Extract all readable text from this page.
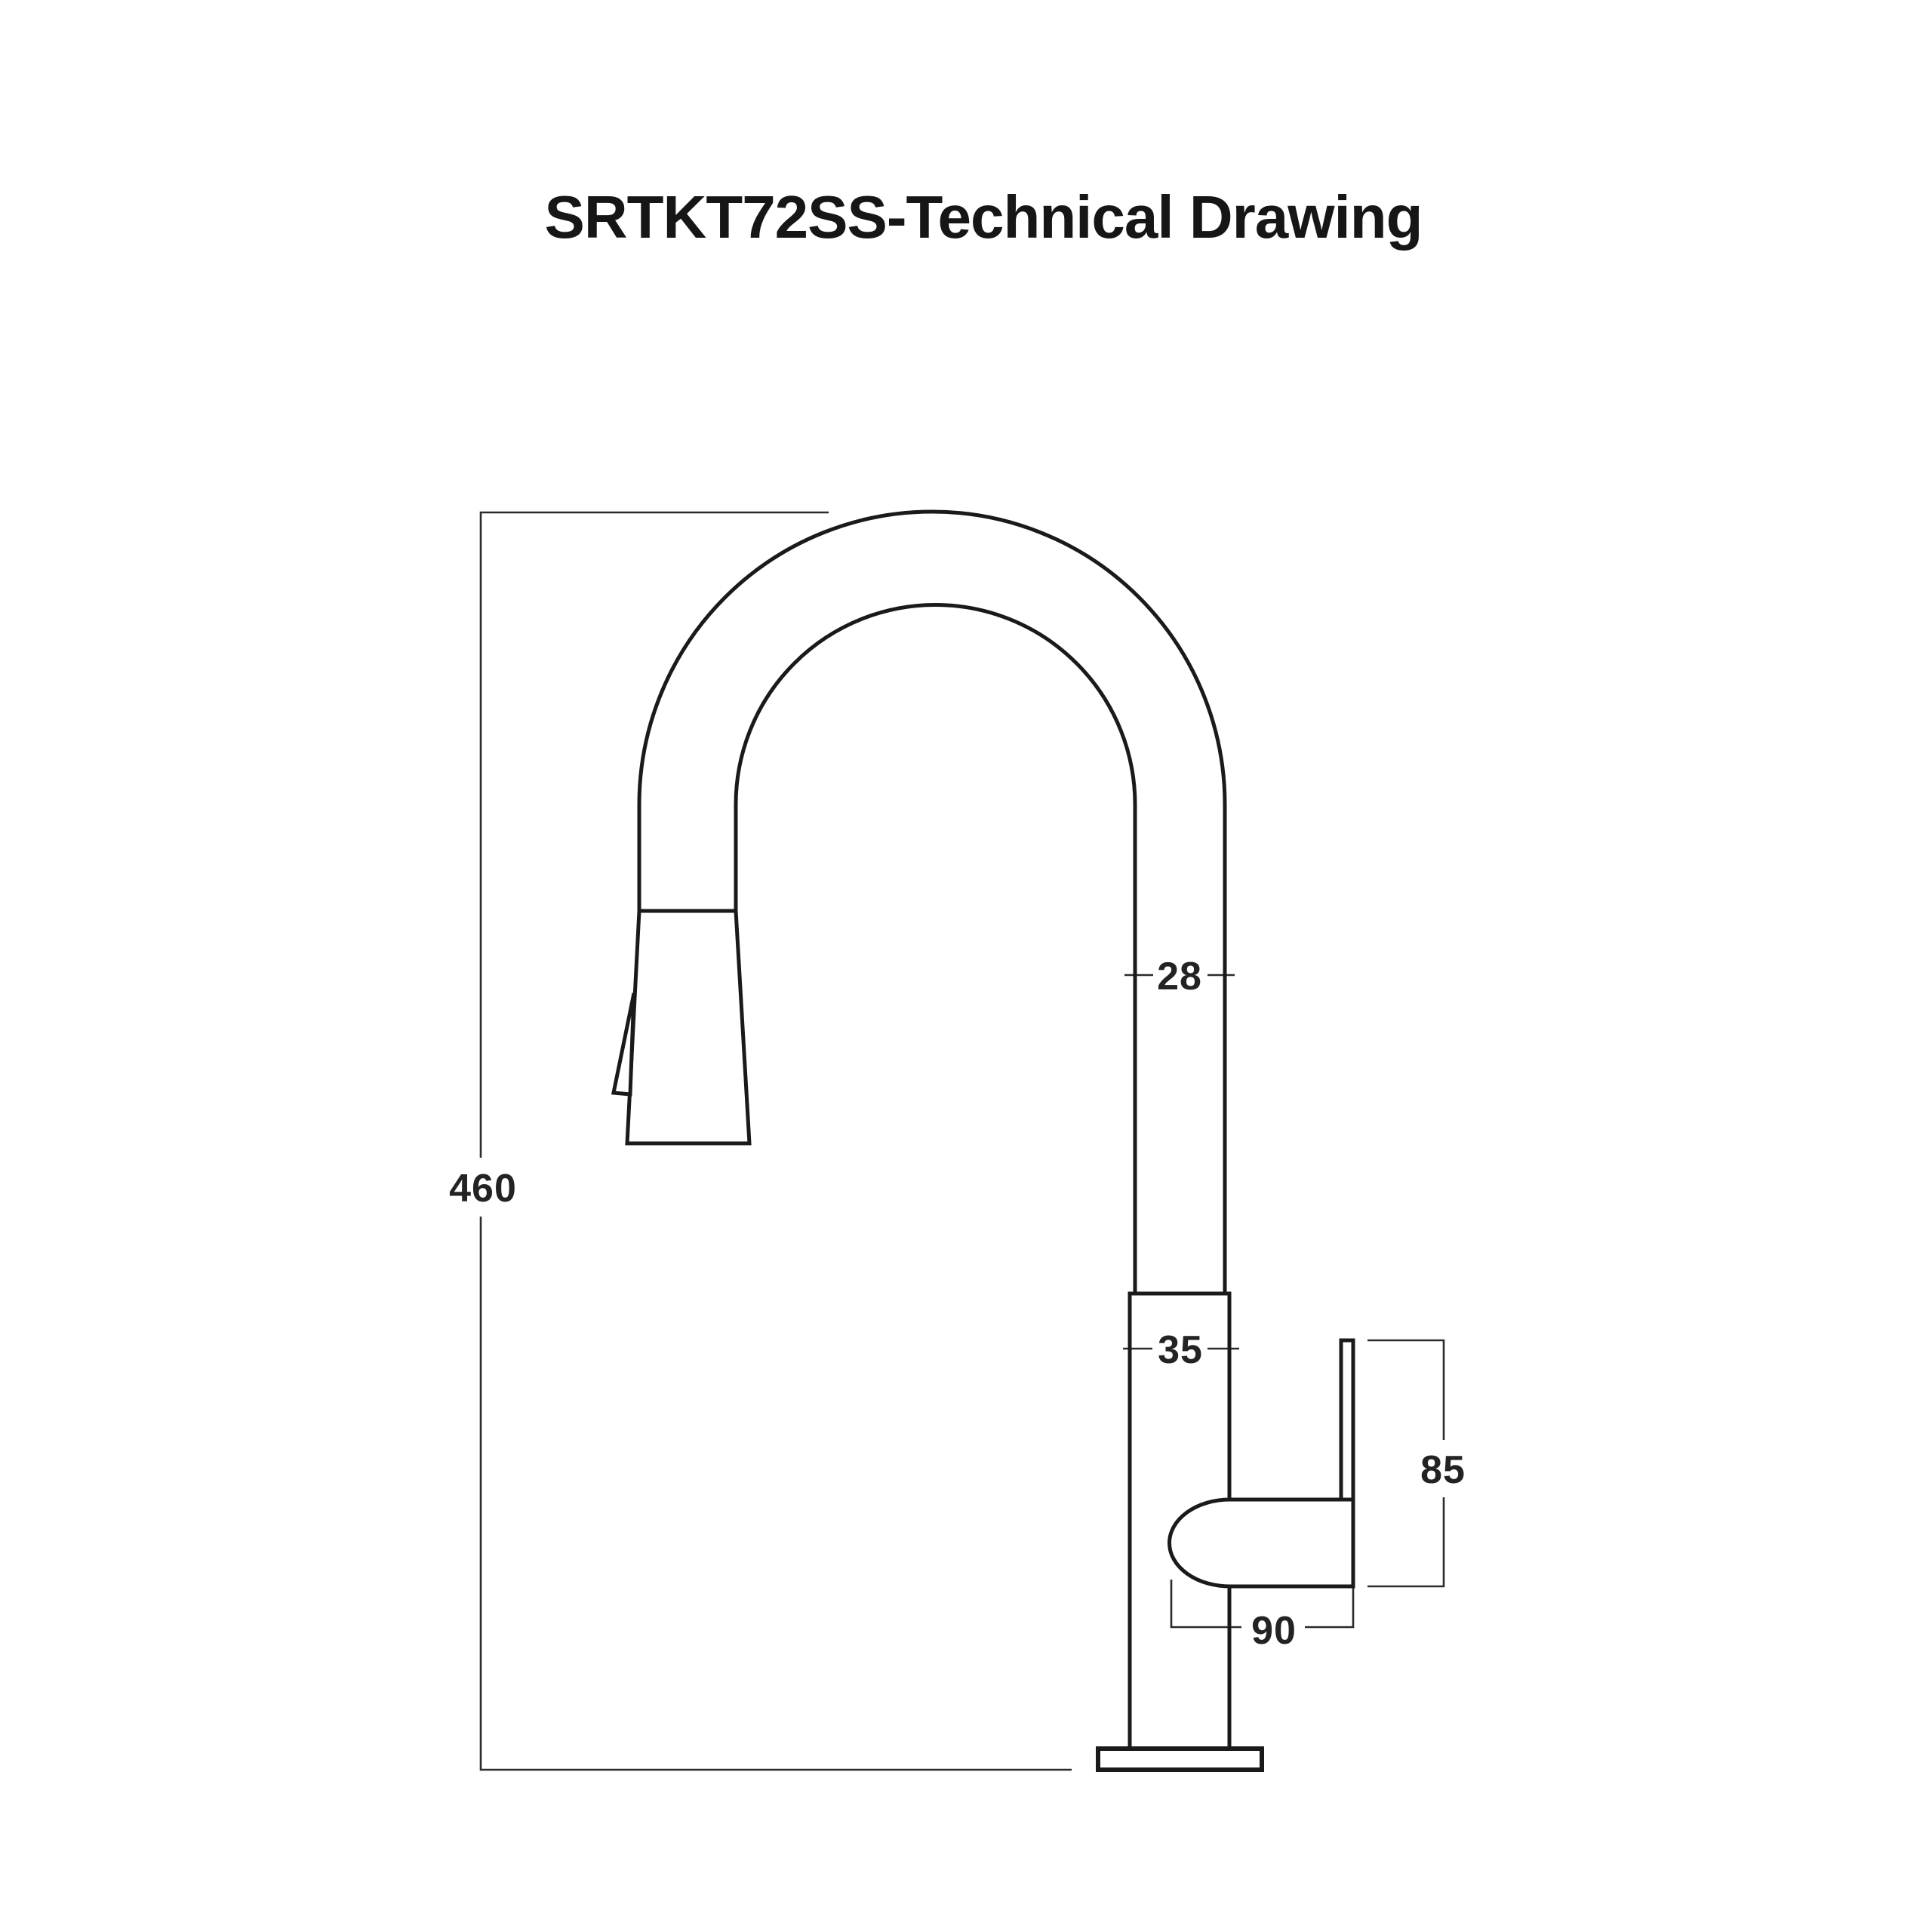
SRTKT72SS-Technical Drawing
460
28
35
85
90
